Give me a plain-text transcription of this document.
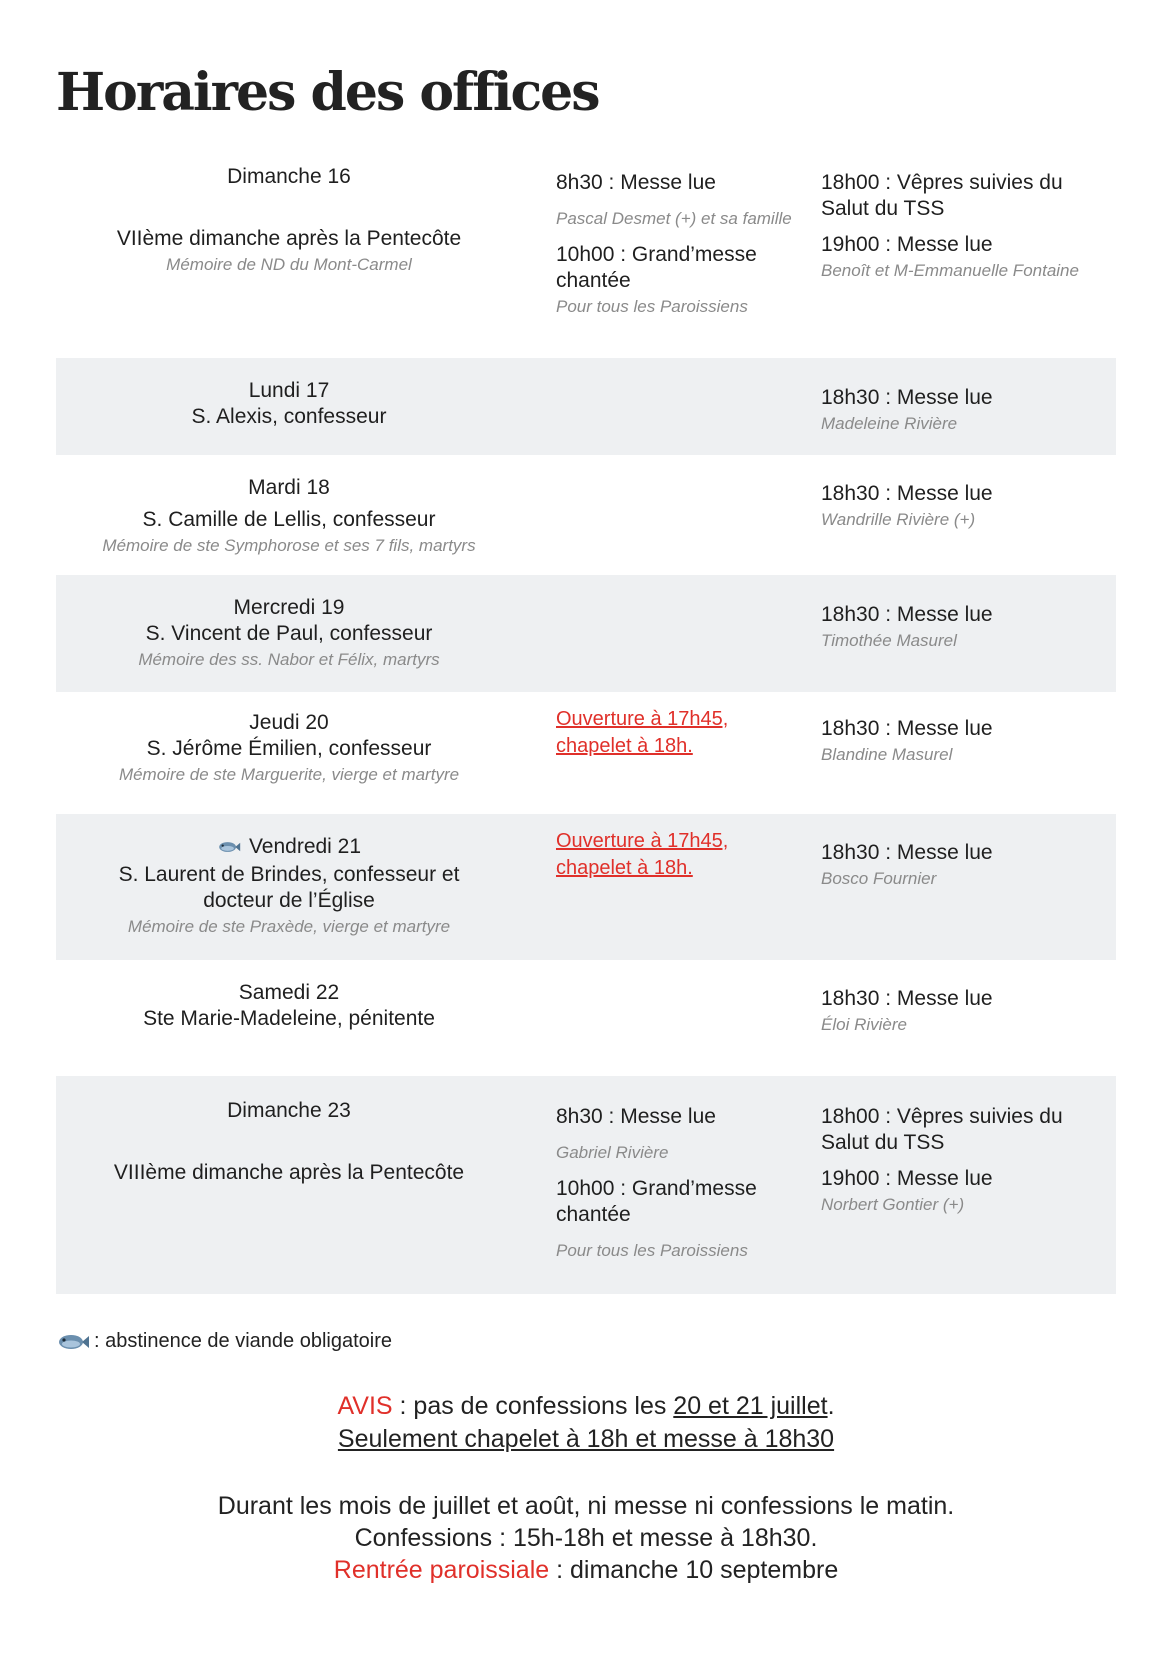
Horaires des offices
Dimanche 16
VIIème dimanche après la Pentecôte
Mémoire de ND du Mont-Carmel
8h30 : Messe lue
Pascal Desmet (+) et sa famille
10h00 : Grand’messe chantée
Pour tous les Paroissiens
18h00 : Vêpres suivies du Salut du TSS
19h00 : Messe lue
Benoît et M-Emmanuelle Fontaine
Lundi 17
S. Alexis, confesseur
18h30 : Messe lue
Madeleine Rivière
Mardi 18
S. Camille de Lellis, confesseur
Mémoire de ste Symphorose et ses 7 fils, martyrs
18h30 : Messe lue
Wandrille Rivière (+)
Mercredi 19
S. Vincent de Paul, confesseur
Mémoire des ss. Nabor et Félix, martyrs
18h30 : Messe lue
Timothée Masurel
Jeudi 20
S. Jérôme Émilien, confesseur
Mémoire de ste Marguerite, vierge et martyre
Ouverture à 17h45, chapelet à 18h.
18h30 : Messe lue
Blandine Masurel
Vendredi 21
S. Laurent de Brindes, confesseur et docteur de l’Église
Mémoire de ste Praxède, vierge et martyre
Ouverture à 17h45, chapelet à 18h.
18h30 : Messe lue
Bosco Fournier
Samedi 22
Ste Marie-Madeleine, pénitente
18h30 : Messe lue
Éloi Rivière
Dimanche 23
VIIIème dimanche après la Pentecôte
8h30 : Messe lue
Gabriel Rivière
10h00 : Grand’messe chantée
Pour tous les Paroissiens
18h00 : Vêpres suivies du Salut du TSS
19h00 : Messe lue
Norbert Gontier (+)
: abstinence de viande obligatoire
AVIS : pas de confessions les 20 et 21 juillet.
Seulement chapelet à 18h et messe à 18h30
Durant les mois de juillet et août, ni messe ni confessions le matin.
Confessions : 15h-18h et messe à 18h30.
Rentrée paroissiale : dimanche 10 septembre
